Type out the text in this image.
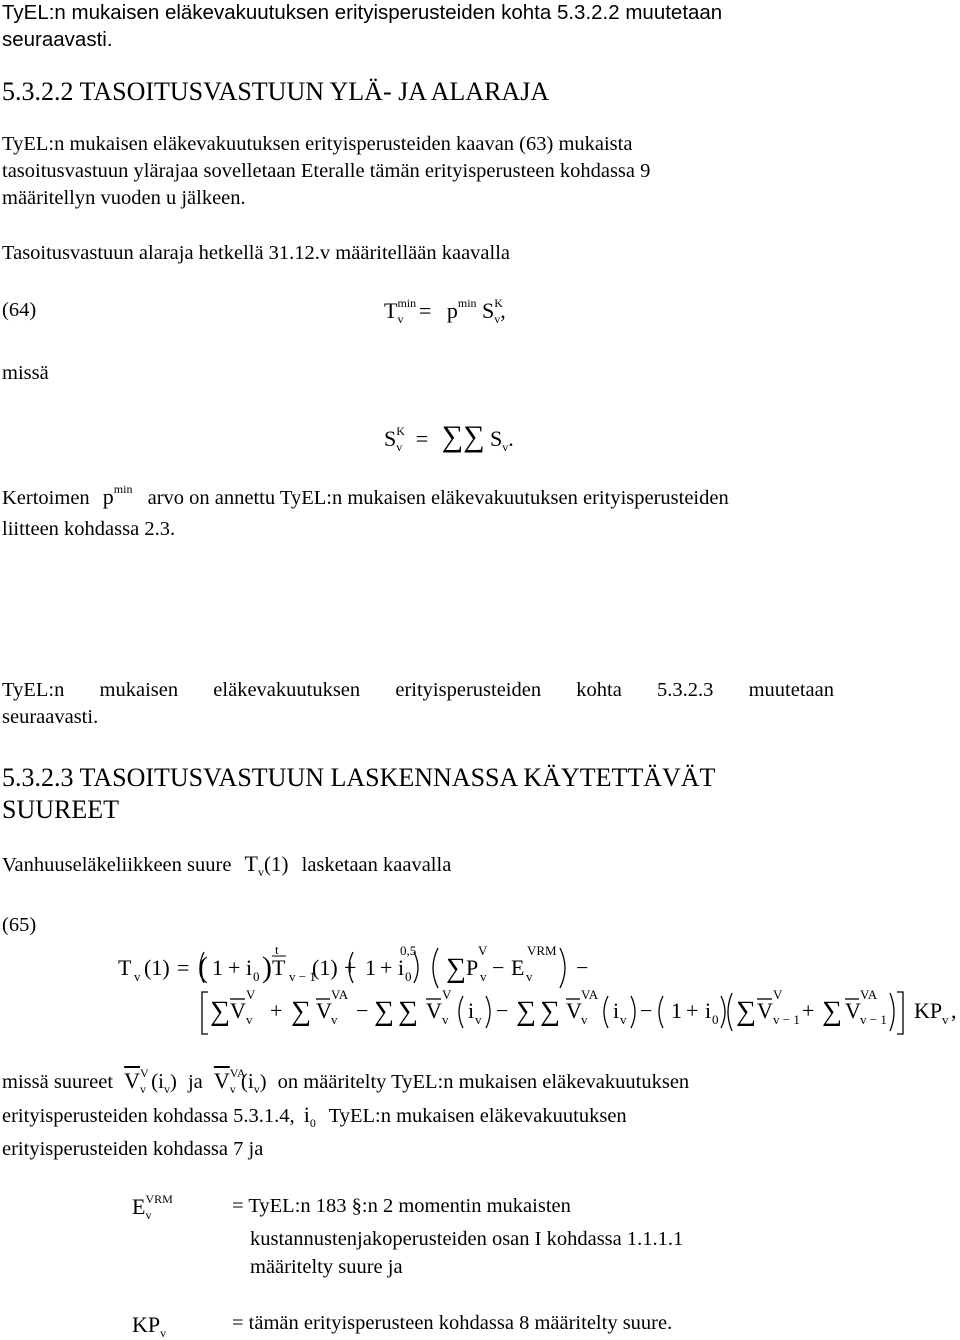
TyEL:n mukaisen eläkevakuutuksen erityisperusteiden kohta 5.3.2.2 muutetaan
seuraavasti.
5.3.2.2 TASOITUSVASTUUN YLÄ- JA ALARAJA
TyEL:n mukaisen eläkevakuutuksen erityisperusteiden kaavan (63) mukaista
tasoitusvastuun ylärajaa sovelletaan Eteralle tämän erityisperusteen kohdassa 9
määritellyn vuoden u jälkeen.
Tasoitusvastuun alaraja hetkellä 31.12.v määritellään kaavalla
(64)	$T^{min}_v = p^{min}$ $S^K_v$,
missä
$S^K_v$ = ∑∑ $S_v$.
Kertoimen $p^{min}$ arvo on annettu TyEL:n mukaisen eläkevakuutuksen erityisperusteiden
liitteen kohdassa 2.3.
TyEL:n mukaisen eläkevakuutuksen erityisperusteiden kohta 5.3.2.3 muutetaan
seuraavasti.
5.3.2.3 TASOITUSVASTUUN LASKENNASSA KÄYTETTÄVÄT
SUUREET
Vanhuuseläkeliikkeen suure $T_v(1)$ lasketaan kaavalla
(65)
T v (1) = ) 1 + i 0 ) T
t
v − 1
(1) + 1 + i 0
0,5
∑ P
V
v − E
VRM
v −
∑ V
V
v + ∑ V
VA
v − ∑ ∑ V
V
v i v − ∑ ∑ V
VA
v i v − 1 + i 0 ∑ V
V
v − 1 + ∑ V
VA
v − 1 KP v ,
missä suureet $\overline{V}^V_v$ $(i_v)$ ja $\overline{V}^{VA}_v$ $(i_v)$ on määritelty TyEL:n mukaisen eläkevakuutuksen
erityisperusteiden kohdassa 5.3.1.4, $i_0$ TyEL:n mukaisen eläkevakuutuksen
erityisperusteiden kohdassa 7 ja
$E^{VRM}_v$	= TyEL:n 183 §:n 2 momentin mukaisten
kustannustenjakoperusteiden osan I kohdassa 1.1.1.1
määritelty suure ja
$KP_v$	= tämän erityisperusteen kohdassa 8 määritelty suure.
